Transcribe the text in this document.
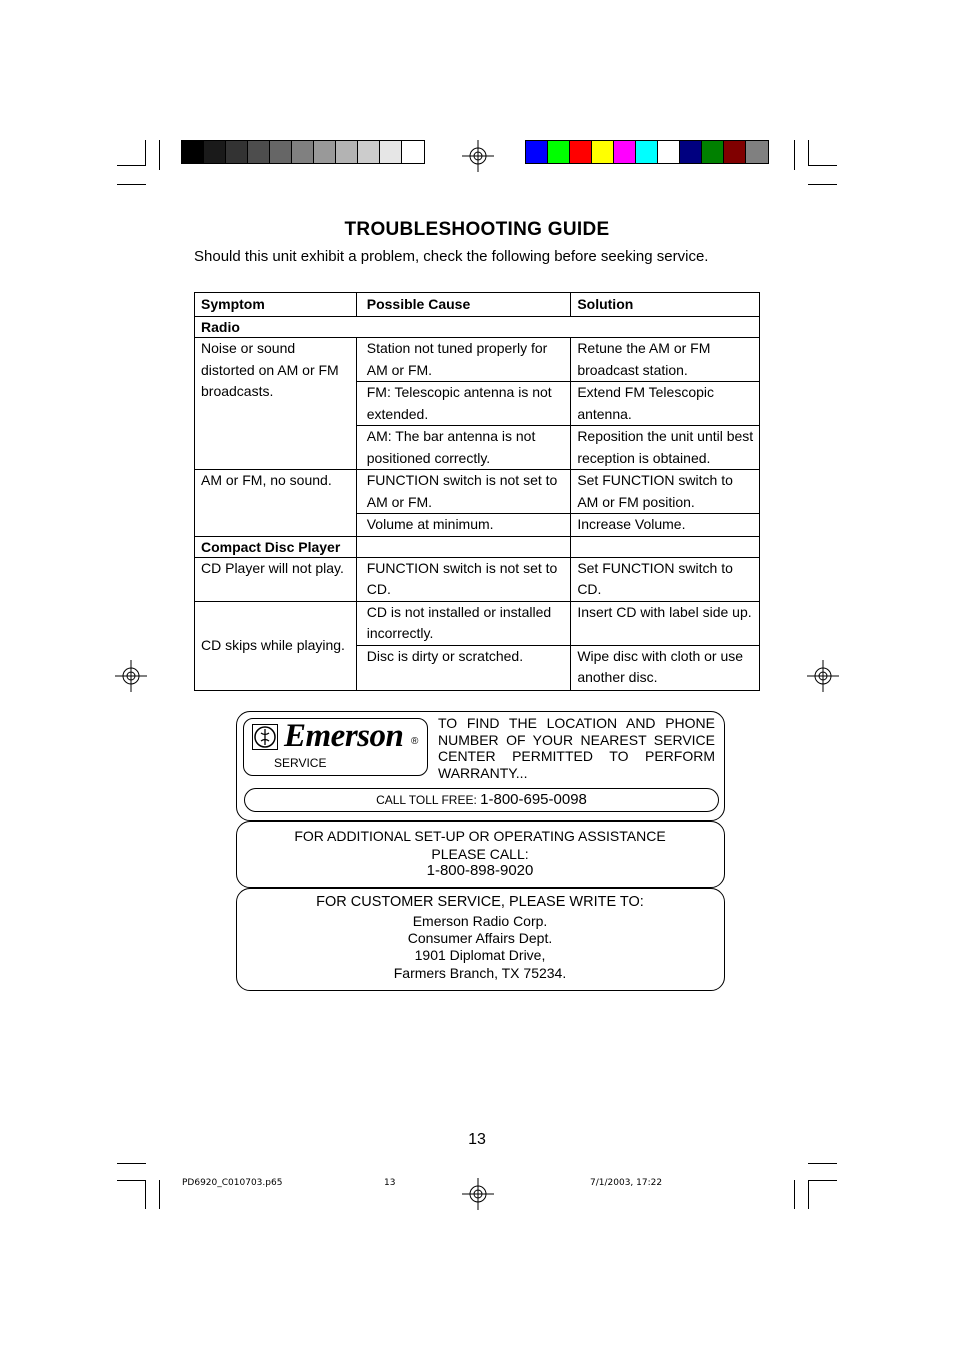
TROUBLESHOOTING GUIDE
Should this unit exhibit a problem, check the following before seeking service.
Symptom	Possible Cause	Solution
Radio		
Noise or sound distorted on AM or FM broadcasts.	Station not tuned properly for AM or FM.	Retune the AM or FM broadcast station.
	FM: Telescopic antenna is not extended.	Extend FM Telescopic antenna.
	AM: The bar antenna is not positioned correctly.	Reposition the unit until best reception is obtained.
AM or FM, no sound.	FUNCTION switch is not set to AM or FM.	Set FUNCTION switch to AM or FM position.
	Volume at minimum.	Increase Volume.
Compact Disc Player		
CD Player will not play.	FUNCTION switch is not set to CD.	Set FUNCTION switch to CD.
CD skips while playing.	CD is not installed or installed incorrectly.	Insert CD with label side up.
	Disc is dirty or scratched.	Wipe disc with cloth or use another disc.
Emerson ®
SERVICE
TO FIND THE LOCATION AND PHONE
NUMBER OF YOUR NEAREST SERVICE
CENTER PERMITTED TO PERFORM
WARRANTY...
CALL TOLL FREE: 1-800-695-0098
FOR ADDITIONAL SET-UP OR OPERATING ASSISTANCE
PLEASE CALL:
1-800-898-9020
FOR CUSTOMER SERVICE, PLEASE WRITE TO:
Emerson Radio Corp.
Consumer Affairs Dept.
1901 Diplomat Drive,
Farmers Branch, TX 75234.
13
PD6920_C010703.p65	13	7/1/2003, 17:22
